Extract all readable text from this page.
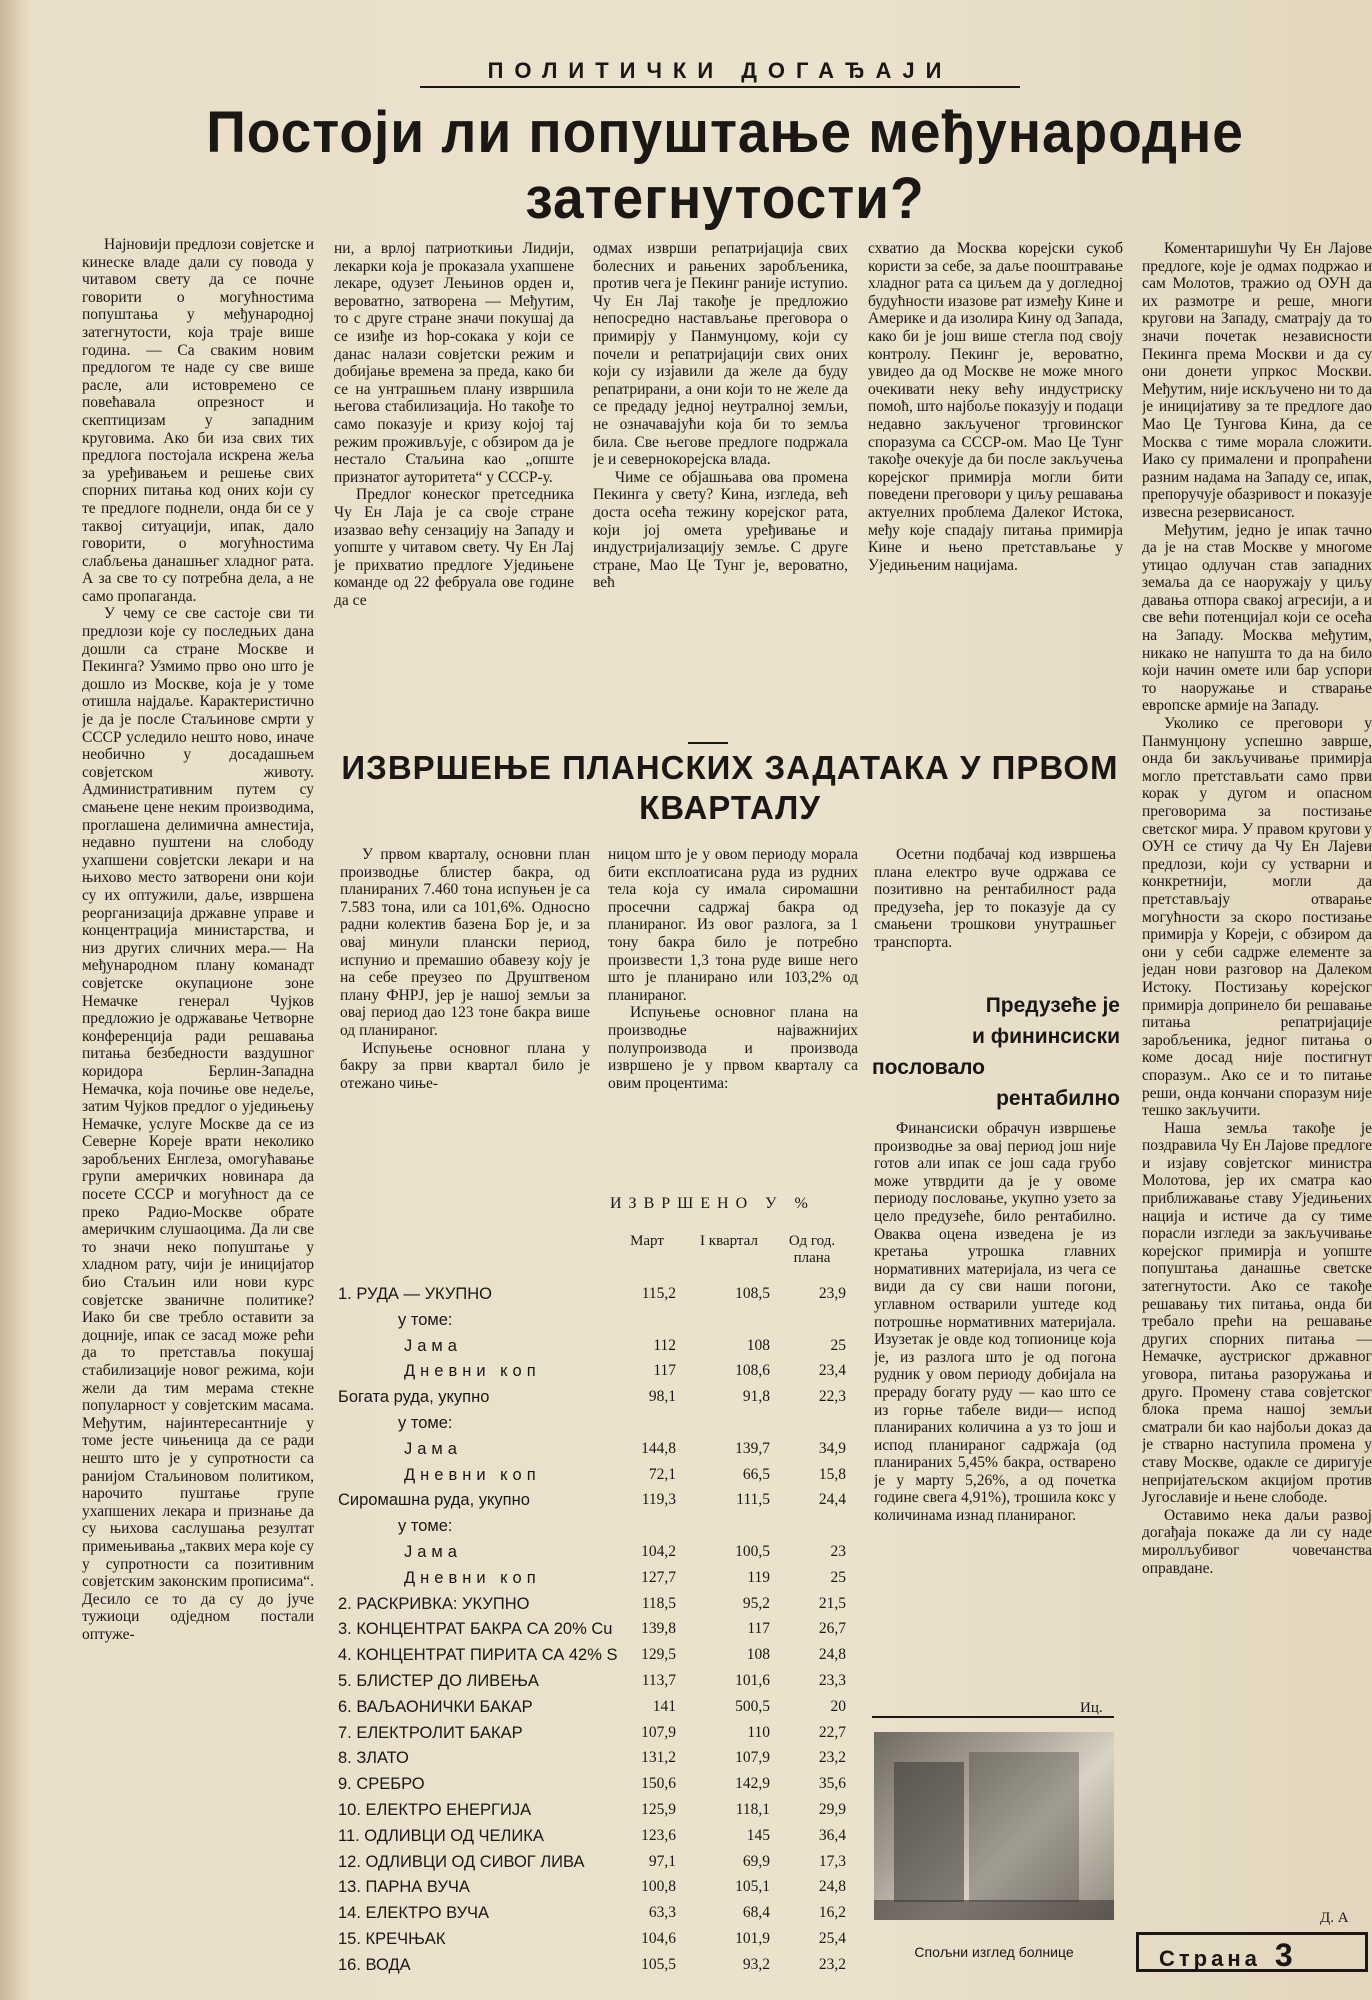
ПОЛИТИЧКИ ДОГАЂАЈИ
Постоји ли попуштање међународне затегнутости?

Најновији предлози совјетске и кинеске владе дали су повода у читавом свету да се почне говорити о могућностима попуштања у међународној затегнутости, која траје више година. — Са сваким новим предлогом те наде су све више расле, али истовремено се повећавала опрезност и скептицизам у западним круговима. Ако би иза свих тих предлога постојала искрена жеља за уређивањем и решење свих спорних питања код оних који су те предлоге поднели, онда би се у таквој ситуацији, ипак, дало говорити, о могућностима слабљења данашњег хладног рата. А за све то су потребна дела, а не само пропаганда.

У чему се све састоје сви ти предлози које су последњих дана дошли са стране Москве и Пекинга? Узмимо прво оно што је дошло из Москве, која је у томе отишла најдаље. Карактеристично је да је после Стаљинове смрти у СССР уследило нешто ново, иначе необично у досадашњем совјетском животу. Административним путем су смањене цене неким производима, проглашена делимична амнестија, недавно пуштени на слободу ухапшени совјетски лекари и на њихово место затворени они који су их оптужили, даље, извршена реорганизација државне управе и концентрација министарства, и низ других сличних мера.— На међународном плану команадт совјетске окупационе зоне Немачке генерал Чујков предложио је одржавање Четворне конференција ради решавања питања безбедности ваздушног коридора Берлин-Западна Немачка, која почиње ове недеље, затим Чујков предлог о уједињењу Немачке, услуге Москве да се из Северне Кореје врати неколико заробљених Енглеза, омогућавање групи америчких новинара да посете СССР и могућност да се преко Радио-Москве обрате америчким слушаоцима. Да ли све то значи неко попуштање у хладном рату, чији је иницијатор био Стаљин или нови курс совјетске званичне политике? Иако би све требло оставити за доцније, ипак се засад може рећи да то претставља покушај стабилизације новог режима, који жели да тим мерама стекне популарност у совјетским масама. Међутим, најинтересантније у томе јесте чињеница да се ради нешто што је у супротности са ранијом Стаљиновом политиком, нарочито пуштање групе ухапшених лекара и признање да су њихова саслушања резултат примењивања „таквих мера које су у супротности са позитивним совјетским законским прописима“. Десило се то да су до јуче тужиоци одједном постали оптуже-

ни, а врлој патриоткињи Лидији, лекарки која је проказала ухапшене лекаре, одузет Лењинов орден и, вероватно, затворена — Међутим, то с друге стране значи покушај да се изиђе из ћор-сокака у који се данас налази совјетски режим и добијање времена за преда, како би се на унтрашњем плану извршила његова стабилизација. Но такође то само показује и кризу којој тај режим проживљује, с обзиром да је нестало Стаљина као „опште признатог ауторитета“ у СССР-у.

Предлог конеског претседника Чу Ен Лаја је са своје стране изазвао већу сензацију на Западу и уопште у читавом свету. Чу Ен Лај је прихватио предлоге Уједињене команде од 22 фебруала ове године да се

одмах изврши репатријација свих болесних и рањених заробљеника, против чега је Пекинг раније иступио. Чу Ен Лај такође је предложио непосредно настављање преговора о примирју у Панмунџому, који су почели и репатријацији свих оних који су изјавили да желе да буду репатрирани, а они који то не желе да се предаду једној неутралној земљи, не означавајући која би то земља била. Све његове предлоге подржала је и севернокорејска влада.

Чиме се објашњава ова промена Пекинга у свету? Кина, изгледа, већ доста осећа тежину корејског рата, који јој омета уређивање и индустријализацију земље. С друге стране, Мао Це Тунг је, вероватно, већ

схватио да Москва корејски сукоб користи за себе, за даље пооштравање хладног рата са циљем да у догледној будућности изазове рат између Кине и Америке и да изолира Кину од Запада, како би је још више стегла под своју контролу. Пекинг је, вероватно, увидео да од Москве не може много очекивати неку већу индустриску помоћ, што најбоље показују и подаци недавно закљученог трговинског споразума са СССР-ом. Мао Це Тунг такође очекује да би после закључења корејског примирја могли бити поведени преговори у циљу решавања актуелних проблема Далеког Истока, међу које спадају питања примирја Кине и њено претстављање у Уједињеним нацијама.

Коментаришући Чу Ен Лајове предлоге, које је одмах подржао и сам Молотов, тражио од ОУН да их размотре и реше, многи кругови на Западу, сматрају да то значи почетак независности Пекинга према Москви и да су они донети упркос Москви. Међутим, није искључено ни то да је иницијативу за те предлоге дао Мао Це Тунгова Кина, да се Москва с тиме морала сложити. Иако су прималени и пропраћени разним надама на Западу се, ипак, препоручује обазривост и показује извесна резервисаност.

Међутим, једно је ипак тачно да је на став Москве у многоме утицао одлучан став западних земаља да се наоружају у циљу давања отпора свакој агресији, а и све већи потенцијал који се осећа на Западу. Москва међутим, никако не напушта то да на било који начин омете или бар успори то наоружање и стварање европске армије на Западу.

Уколико се преговори у Панмунџону успешно заврше, онда би закључивање примирја могло претстављати само први корак у дугом и опасном преговорима за постизање светског мира. У правом кругови у ОУН се стичу да Чу Ен Лајеви предлози, који су устварни и конкретнији, могли да претстављају отварање могућности за скоро постизање примирја у Кореји, с обзиром да они у себи садрже елементе за један нови разговор на Далеком Истоку. Постизању корејског примирја допринело би решавање питања репатријације заробљеника, једног питања о коме досад није постигнут споразум.. Ако се и то питање реши, онда кончани споразум није тешко закључити.

Наша земља такође је поздравила Чу Ен Лајове предлоге и изјаву совјетског министра Молотова, јер их сматра као приближавање ставу Уједињених нација и истиче да су тиме порасли изгледи за закључивање корејског примирја и уопште попуштања данашње светске затегнутости. Ако се такође решавању тих питања, онда би требало прећи на решавање других спорних питања — Немачке, аустриског државног уговора, питања разоружања и друго. Промену става совјетског блока према нашој земљи сматрали би као најбољи доказ да је стварно наступила промена у ставу Москве, одакле се диригује непријатељском акцијом против Југославије и њене слободе.

Оставимо нека даљи развој догађаја покаже да ли су наде миролљубивог човечанства оправдане.

Д. А
ИЗВРШЕЊЕ ПЛАНСКИХ ЗАДАТАКА У ПРВОМ КВАРТАЛУ

У првом кварталу, основни план производње блистер бакра, од планираних 7.460 тона испуњен је са 7.583 тона, или са 101,6%. Односно радни колектив базена Бор је, и за овај минули плански период, испунио и премашио обавезу коју је на себе преузео по Друштвеном плану ФНРЈ, јер је нашој земљи за овај период дао 123 тоне бакра више од планираног.

Испуњење основног плана у бакру за први квартал било је отежано чиње-

ницом што је у овом периоду морала бити експлоатисана руда из рудних тела која су имала сиромашни просечни садржај бакра од планираног. Из овог разлога, за 1 тону бакра било је потребно произвести 1,3 тона руде више него што је планирано или 103,2% од планираног.

Испуњење основног плана на производње најважнијих полупроизвода и производа извршено је у првом кварталу са овим процентима:

Осетни подбачај код извршења плана електро вуче одржава се позитивно на рентабилност рада предузећа, јер то показује да су смањени трошкови унутрашњег транспорта.

Предузеће је
и фининсиски
пословало
рентабилно

Финансиски обрачун извршење производње за овај период још није готов али ипак се још сада грубо може утврдити да је у овоме периоду пословање, укупно узето за цело предузеће, било рентабилно. Оваква оцена изведена је из кретања утрошка главних нормативних материјала, из чега се види да су сви наши погони, углавном остварили уштеде код потрошње нормативних материјала. Изузетак је овде код топионице која је, из разлога што је од погона рудник у овом периоду добијала на прераду богату руду — као што се из горње табеле види— испод планираних количина а уз то још и испод планираног садржаја (од планираних 5,45% бакра, остварено је у марту 5,26%, а од почетка године свега 4,91%), трошила кокс у количинама изнад планираног.

Иц.
ИЗВРШЕНО У %
Март	I квартал	Од год. плана
1. РУДА — УКУПНО	115,2	108,5	23,9
у томе:
Јама	112	108	25
Дневни коп	117	108,6	23,4
Богата руда, укупно	98,1	91,8	22,3
у томе:
Јама	144,8	139,7	34,9
Дневни коп	72,1	66,5	15,8
Сиромашна руда, укупно	119,3	111,5	24,4
у томе:
Јама	104,2	100,5	23
Дневни коп	127,7	119	25
2. РАСКРИВКА: УКУПНО	118,5	95,2	21,5
3. КОНЦЕНТРАТ БАКРА СА 20% Cu	139,8	117	26,7
4. КОНЦЕНТРАТ ПИРИТА СА 42% S	129,5	108	24,8
5. БЛИСТЕР ДО ЛИВЕЊА	113,7	101,6	23,3
6. ВАЉАОНИЧКИ БАКАР	141	500,5	20
7. ЕЛЕКТРОЛИТ БАКАР	107,9	110	22,7
8. ЗЛАТО	131,2	107,9	23,2
9. СРЕБРО	150,6	142,9	35,6
10. ЕЛЕКТРО ЕНЕРГИЈА	125,9	118,1	29,9
11. ОДЛИВЦИ ОД ЧЕЛИКА	123,6	145	36,4
12. ОДЛИВЦИ ОД СИВОГ ЛИВА	97,1	69,9	17,3
13. ПАРНА ВУЧА	100,8	105,1	24,8
14. ЕЛЕКТРО ВУЧА	63,3	68,4	16,2
15. КРЕЧЊАК	104,6	101,9	25,4
16. ВОДА	105,5	93,2	23,2
Спољни изглед болнице	Страна 3
